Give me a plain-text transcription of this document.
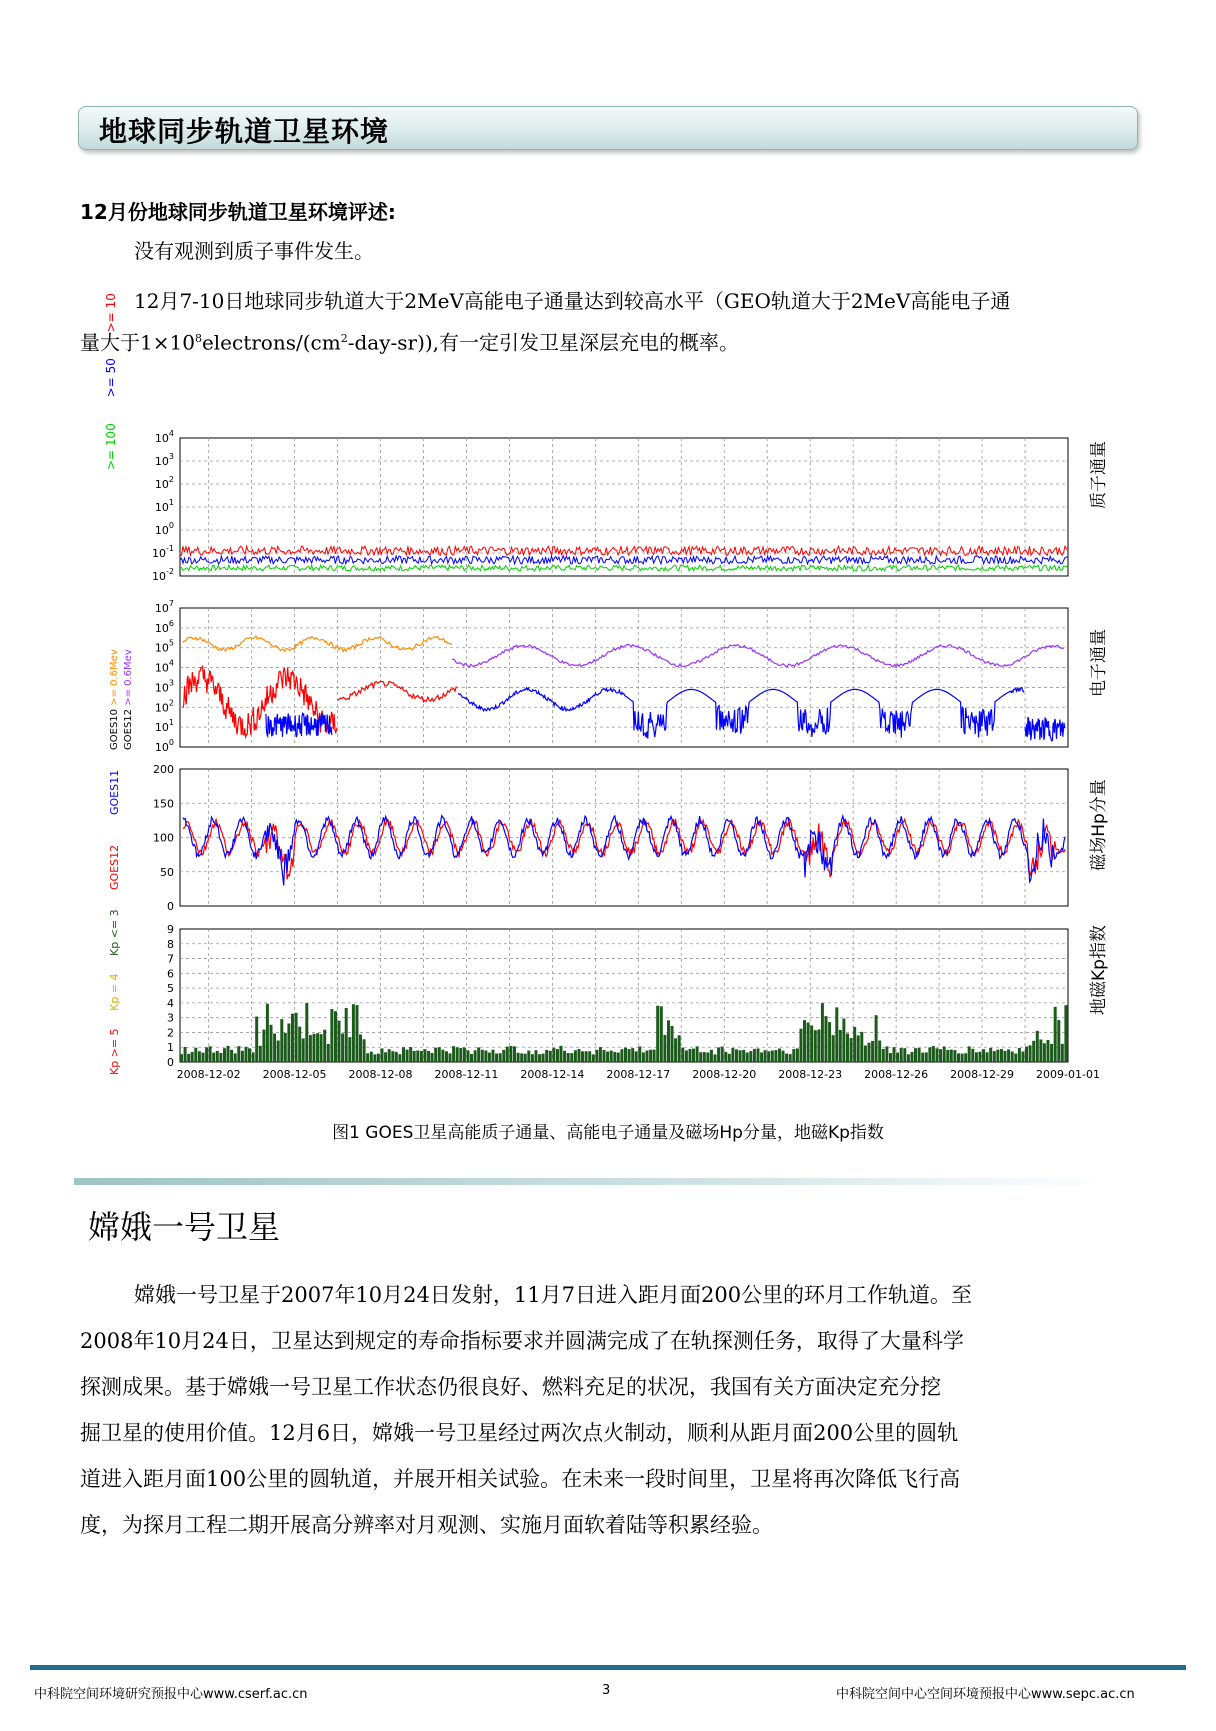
地球同步轨道卫星环境
12月份地球同步轨道卫星环境评述:
没有观测到质子事件发生。
12月7-10日地球同步轨道大于2MeV高能电子通量达到较高水平（GEO轨道大于2MeV高能电子通
量大于$1\times 10^8electrons/(cm^2-day-sr)$),有一定引发卫星深层充电的概率。
>= 100 >= 50 >= 10
GOES10 >= 0.6Mev
GOES12 >= 0.6Mev
GOES11
GOES12
Kp >= 5 Kp = 4 Kp <= 3
质子通量
电子通量
磁场Hp分量
地磁Kp指数
$10^{-2}$
$10^{-1}$
$10^0$
$10^1$
$10^2$
$10^3$
$10^4$
$10^0$
$10^1$
$10^2$
$10^3$
$10^4$
$10^5$
$10^6$
$10^7$
0
50
100
150
200
0
1
2
3
4
5
6
7
8
9
2008-12-02 2008-12-05 2008-12-08 2008-12-11 2008-12-14 2008-12-17 2008-12-20 2008-12-23 2008-12-26 2008-12-29 2009-01-01
图1 GOES卫星高能质子通量、高能电子通量及磁场Hp分量，地磁Kp指数
嫦娥一号卫星
嫦娥一号卫星于2007年10月24日发射，11月7日进入距月面200公里的环月工作轨道。至
2008年10月24日，卫星达到规定的寿命指标要求并圆满完成了在轨探测任务，取得了大量科学
探测成果。基于嫦娥一号卫星工作状态仍很良好、燃料充足的状况，我国有关方面决定充分挖
掘卫星的使用价值。12月6日，嫦娥一号卫星经过两次点火制动，顺利从距月面200公里的圆轨
道进入距月面100公里的圆轨道，并展开相关试验。在未来一段时间里，卫星将再次降低飞行高
度，为探月工程二期开展高分辨率对月观测、实施月面软着陆等积累经验。
中科院空间环境研究预报中心www.cserf.ac.cn	3	中科院空间中心空间环境预报中心www.sepc.ac.cn
